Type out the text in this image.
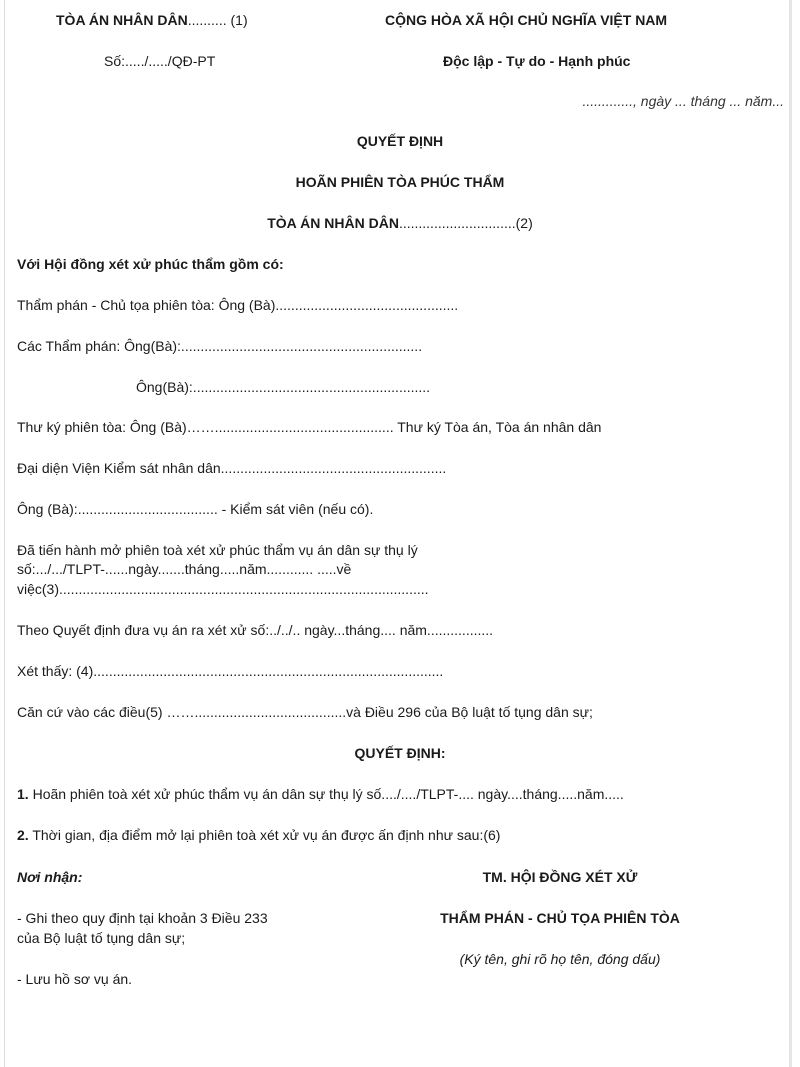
TÒA ÁN NHÂN DÂN.......... (1)
Số:...../...../QĐ-PT
CỘNG HÒA XÃ HỘI CHỦ NGHĨA VIỆT NAM
Độc lập - Tự do - Hạnh phúc
............., ngày ... tháng ... năm...
QUYẾT ĐỊNH
HOÃN PHIÊN TÒA PHÚC THẨM
TÒA ÁN NHÂN DÂN..............................(2)
Với Hội đồng xét xử phúc thẩm gồm có:
Thẩm phán - Chủ tọa phiên tòa: Ông (Bà)...............................................
Các Thẩm phán: Ông(Bà):..............................................................
Ông(Bà):.............................................................
Thư ký phiên tòa: Ông (Bà)…….............................................. Thư ký Tòa án, Tòa án nhân dân
Đại diện Viện Kiểm sát nhân dân..........................................................
Ông (Bà):.................................... - Kiểm sát viên (nếu có).
Đã tiến hành mở phiên toà xét xử phúc thẩm vụ án dân sự thụ lý
số:.../.../TLPT-......ngày.......tháng.....năm............ .....về
việc(3)...............................................................................................
Theo Quyết định đưa vụ án ra xét xử số:../../.. ngày...tháng.... năm.................
Xét thấy: (4)..........................................................................................
Căn cứ vào các điều(5) …….......................................và Điều 296 của Bộ luật tố tụng dân sự;
QUYẾT ĐỊNH:
1. Hoãn phiên toà xét xử phúc thẩm vụ án dân sự thụ lý số..../..../TLPT-.... ngày....tháng.....năm.....
2. Thời gian, địa điểm mở lại phiên toà xét xử vụ án được ấn định như sau:(6)
Nơi nhận:
- Ghi theo quy định tại khoản 3 Điều 233
của Bộ luật tố tụng dân sự;
- Lưu hồ sơ vụ án.
TM. HỘI ĐỒNG XÉT XỬ
THẨM PHÁN - CHỦ TỌA PHIÊN TÒA
(Ký tên, ghi rõ họ tên, đóng dấu)
